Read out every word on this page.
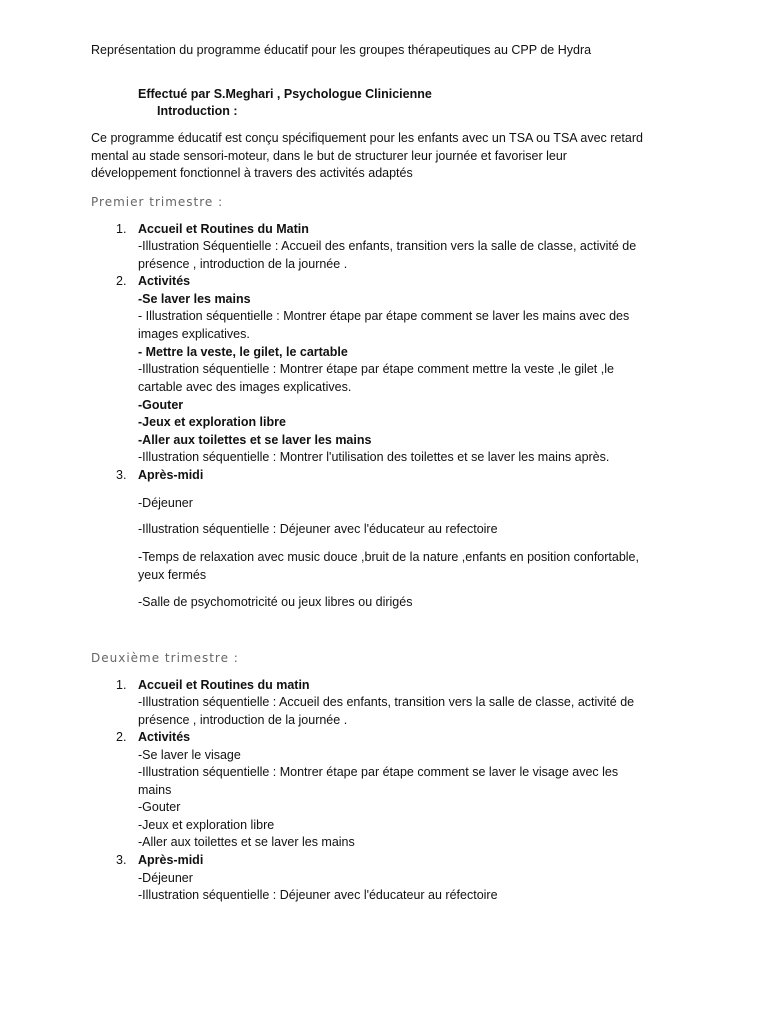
Représentation du programme éducatif pour les groupes thérapeutiques au CPP de Hydra
Effectué par S.Meghari , Psychologue Clinicienne
Introduction :
Ce programme éducatif est conçu spécifiquement pour les enfants avec un TSA ou TSA avec retard
mental au stade sensori-moteur, dans le but de structurer leur journée et favoriser leur
développement fonctionnel à travers des activités adaptés
Premier trimestre :
1. Accueil et Routines du Matin
-Illustration Séquentielle : Accueil des enfants, transition vers la salle de classe, activité de
présence , introduction de la journée .
2. Activités
-Se laver les mains
- Illustration séquentielle : Montrer étape par étape comment se laver les mains avec des
images explicatives.
- Mettre la veste, le gilet, le cartable
-Illustration séquentielle : Montrer étape par étape comment mettre la veste ,le gilet ,le
cartable avec des images explicatives.
-Gouter
-Jeux et exploration libre
-Aller aux toilettes et se laver les mains
-Illustration séquentielle : Montrer l'utilisation des toilettes et se laver les mains après.
3. Après-midi
-Déjeuner
-Illustration séquentielle : Déjeuner avec l'éducateur au refectoire
-Temps de relaxation avec music douce ,bruit de la nature ,enfants en position confortable,
yeux fermés
-Salle de psychomotricité ou jeux libres ou dirigés
Deuxième trimestre :
1. Accueil et Routines du matin
-Illustration séquentielle : Accueil des enfants, transition vers la salle de classe, activité de
présence , introduction de la journée .
2. Activités
-Se laver le visage
-Illustration séquentielle : Montrer étape par étape comment se laver le visage avec les
mains
-Gouter
-Jeux et exploration libre
-Aller aux toilettes et se laver les mains
3. Après-midi
-Déjeuner
-Illustration séquentielle : Déjeuner avec l'éducateur au réfectoire
